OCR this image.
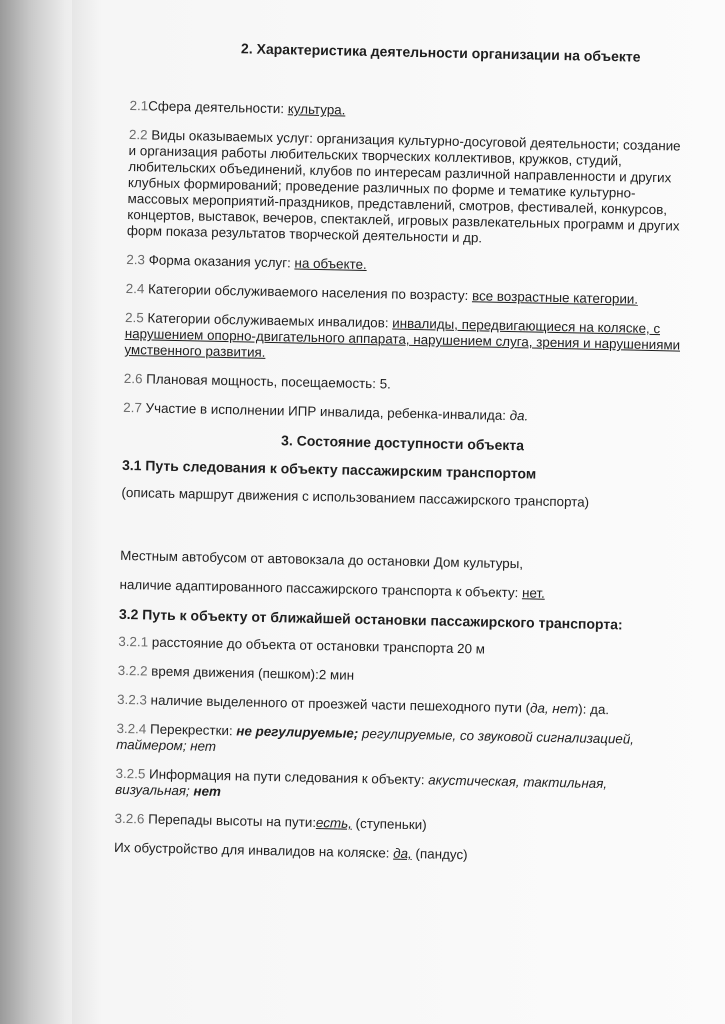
2. Характеристика деятельности организации на объекте

2.1Сфера деятельности: культура.

2.2 Виды оказываемых услуг: организация культурно-досуговой деятельности; создание и организация работы любительских творческих коллективов, кружков, студий, любительских объединений, клубов по интересам различной направленности и других клубных формирований; проведение различных по форме и тематике культурно-массовых мероприятий-праздников, представлений, смотров, фестивалей, конкурсов, концертов, выставок, вечеров, спектаклей, игровых развлекательных программ и других форм показа результатов творческой деятельности и др.

2.3 Форма оказания услуг: на объекте.

2.4 Категории обслуживаемого населения по возрасту: все возрастные категории.

2.5 Категории обслуживаемых инвалидов: инвалиды, передвигающиеся на коляске, с нарушением опорно-двигательного аппарата, нарушением слуга, зрения и нарушениями умственного развития.

2.6 Плановая мощность, посещаемость: 5.

2.7 Участие в исполнении ИПР инвалида, ребенка-инвалида: да.

3. Состояние доступности объекта
3.1 Путь следования к объекту пассажирским транспортом

(описать маршрут движения с использованием пассажирского транспорта)

Местным автобусом от автовокзала до остановки Дом культуры,

наличие адаптированного пассажирского транспорта к объекту: нет.

3.2 Путь к объекту от ближайшей остановки пассажирского транспорта:

3.2.1 расстояние до объекта от остановки транспорта 20 м

3.2.2 время движения (пешком):2 мин

3.2.3 наличие выделенного от проезжей части пешеходного пути (да, нет): да.

3.2.4 Перекрестки: не регулируемые; регулируемые, со звуковой сигнализацией, таймером; нет

3.2.5 Информация на пути следования к объекту: акустическая, тактильная, визуальная; нет

3.2.6 Перепады высоты на пути:есть, (ступеньки)

Их обустройство для инвалидов на коляске: да, (пандус)
